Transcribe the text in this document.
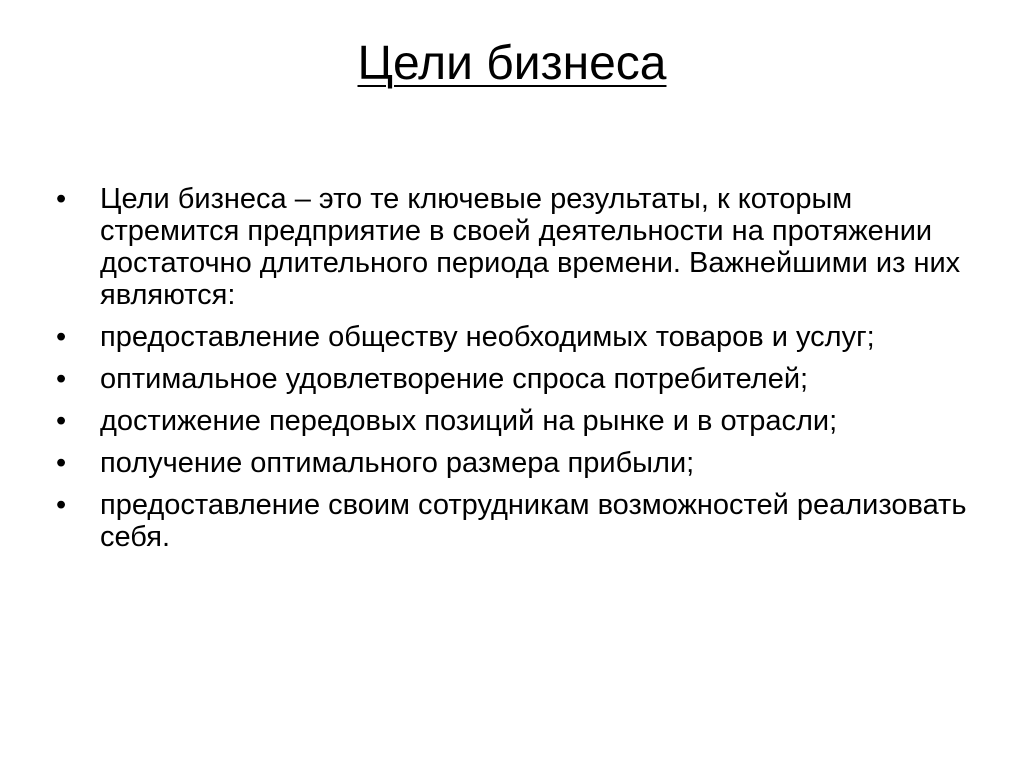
Цели бизнеса
• Цели бизнеса – это те ключевые результаты, к которым стремится предприятие в своей деятельности на протяжении достаточно длительного периода времени. Важнейшими из них являются:
• предоставление обществу необходимых товаров и услуг;
• оптимальное удовлетворение спроса потребителей;
• достижение передовых позиций на рынке и в отрасли;
• получение оптимального размера прибыли;
• предоставление своим сотрудникам возможностей реализовать себя.
